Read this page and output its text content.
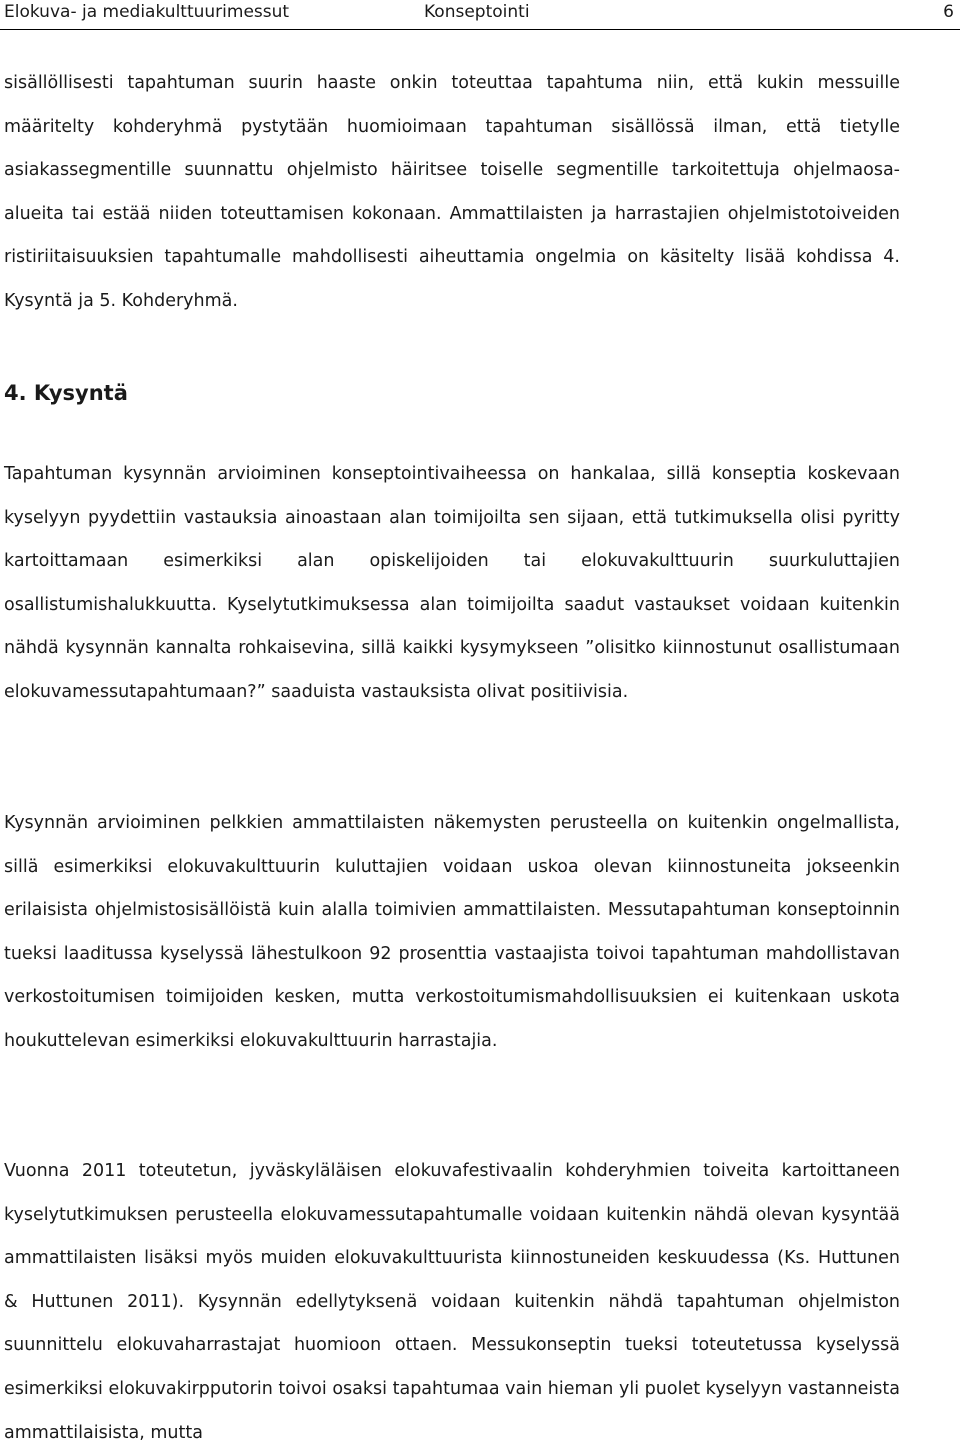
Elokuva- ja mediakulttuurimessut	Konseptointi	6

sisällöllisesti tapahtuman suurin haaste onkin toteuttaa tapahtuma niin, että kukin messuille määritelty kohderyhmä pystytään huomioimaan tapahtuman sisällössä ilman, että tietylle asiakassegmentille suunnattu ohjelmisto häiritsee toiselle segmentille tarkoitettuja ohjelmaosa-alueita tai estää niiden toteuttamisen kokonaan. Ammattilaisten ja harrastajien ohjelmistotoiveiden ristiriitaisuuksien tapahtumalle mahdollisesti aiheuttamia ongelmia on käsitelty lisää kohdissa 4. Kysyntä ja 5. Kohderyhmä.

4. Kysyntä

Tapahtuman kysynnän arvioiminen konseptointivaiheessa on hankalaa, sillä konseptia koskevaan kyselyyn pyydettiin vastauksia ainoastaan alan toimijoilta sen sijaan, että tutkimuksella olisi pyritty kartoittamaan esimerkiksi alan opiskelijoiden tai elokuvakulttuurin suurkuluttajien osallistumishalukkuutta. Kyselytutkimuksessa alan toimijoilta saadut vastaukset voidaan kuitenkin nähdä kysynnän kannalta rohkaisevina, sillä kaikki kysymykseen ”olisitko kiinnostunut osallistumaan elokuvamessutapahtumaan?” saaduista vastauksista olivat positiivisia.

Kysynnän arvioiminen pelkkien ammattilaisten näkemysten perusteella on kuitenkin ongelmallista, sillä esimerkiksi elokuvakulttuurin kuluttajien voidaan uskoa olevan kiinnostuneita jokseenkin erilaisista ohjelmistosisällöistä kuin alalla toimivien ammattilaisten. Messutapahtuman konseptoinnin tueksi laaditussa kyselyssä lähestulkoon 92 prosenttia vastaajista toivoi tapahtuman mahdollistavan verkostoitumisen toimijoiden kesken, mutta verkostoitumismahdollisuuksien ei kuitenkaan uskota houkuttelevan esimerkiksi elokuvakulttuurin harrastajia.

Vuonna 2011 toteutetun, jyväskyläläisen elokuvafestivaalin kohderyhmien toiveita kartoittaneen kyselytutkimuksen perusteella elokuvamessutapahtumalle voidaan kuitenkin nähdä olevan kysyntää ammattilaisten lisäksi myös muiden elokuvakulttuurista kiinnostuneiden keskuudessa (Ks. Huttunen & Huttunen 2011). Kysynnän edellytyksenä voidaan kuitenkin nähdä tapahtuman ohjelmiston suunnittelu elokuvaharrastajat huomioon ottaen. Messukonseptin tueksi toteutetussa kyselyssä esimerkiksi elokuvakirpputorin toivoi osaksi tapahtumaa vain hieman yli puolet kyselyyn vastanneista ammattilaisista, mutta
